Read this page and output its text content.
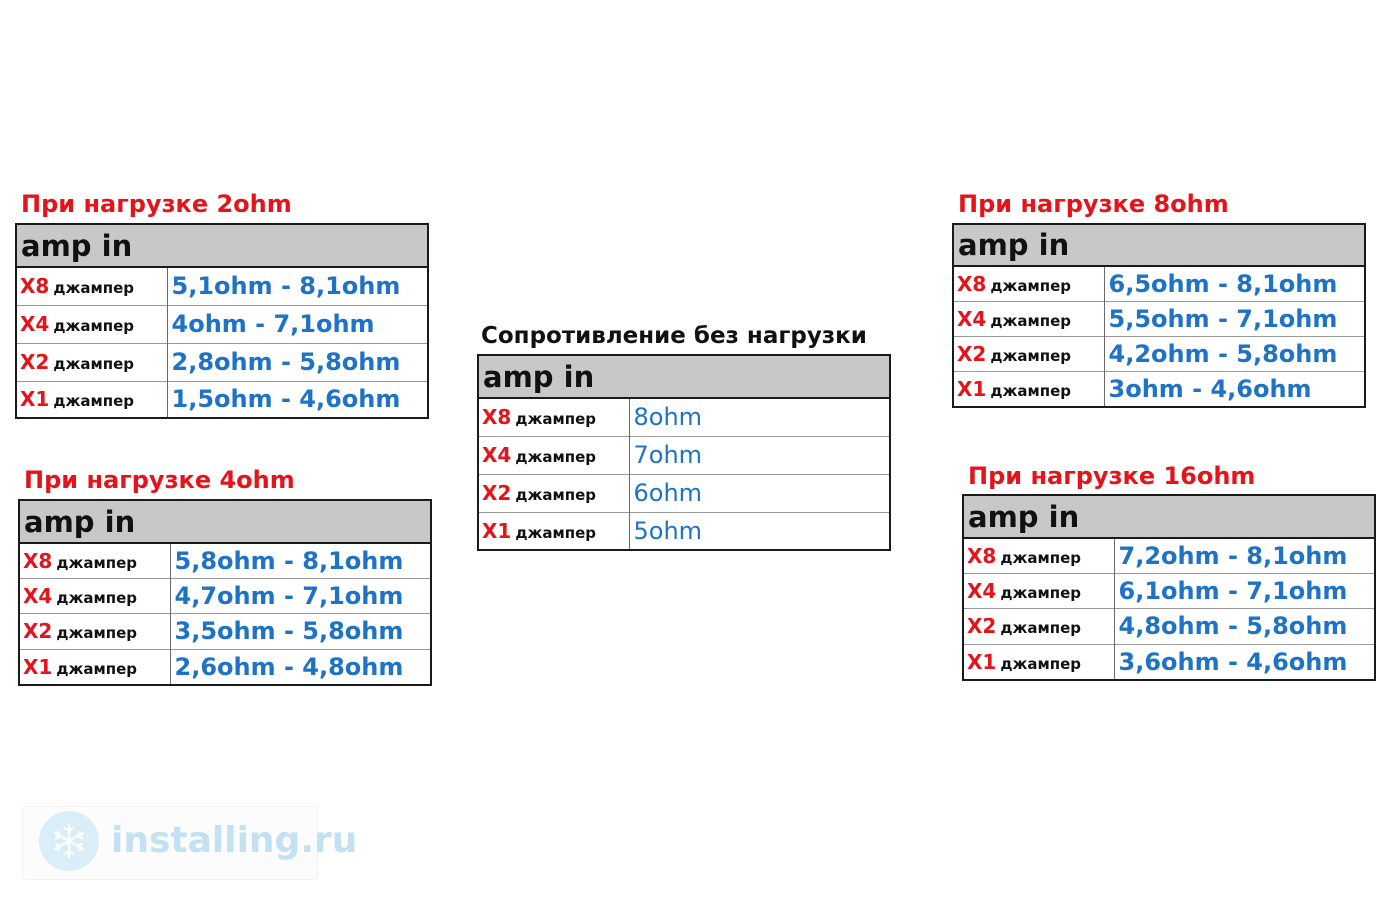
При нагрузке 2ohm
amp in	
X8 джампер	5,1ohm - 8,1ohm
X4 джампер	4ohm - 7,1ohm
X2 джампер	2,8ohm - 5,8ohm
X1 джампер	1,5ohm - 4,6ohm
При нагрузке 4ohm
amp in	
X8 джампер	5,8ohm - 8,1ohm
X4 джампер	4,7ohm - 7,1ohm
X2 джампер	3,5ohm - 5,8ohm
X1 джампер	2,6ohm - 4,8ohm
Сопротивление без нагрузки
amp in	
X8 джампер	8ohm
X4 джампер	7ohm
X2 джампер	6ohm
X1 джампер	5ohm
При нагрузке 8ohm
amp in	
X8 джампер	6,5ohm - 8,1ohm
X4 джампер	5,5ohm - 7,1ohm
X2 джампер	4,2ohm - 5,8ohm
X1 джампер	3ohm - 4,6ohm
При нагрузке 16ohm
amp in	
X8 джампер	7,2ohm - 8,1ohm
X4 джампер	6,1ohm - 7,1ohm
X2 джампер	4,8ohm - 5,8ohm
X1 джампер	3,6ohm - 4,6ohm
installing.ru
